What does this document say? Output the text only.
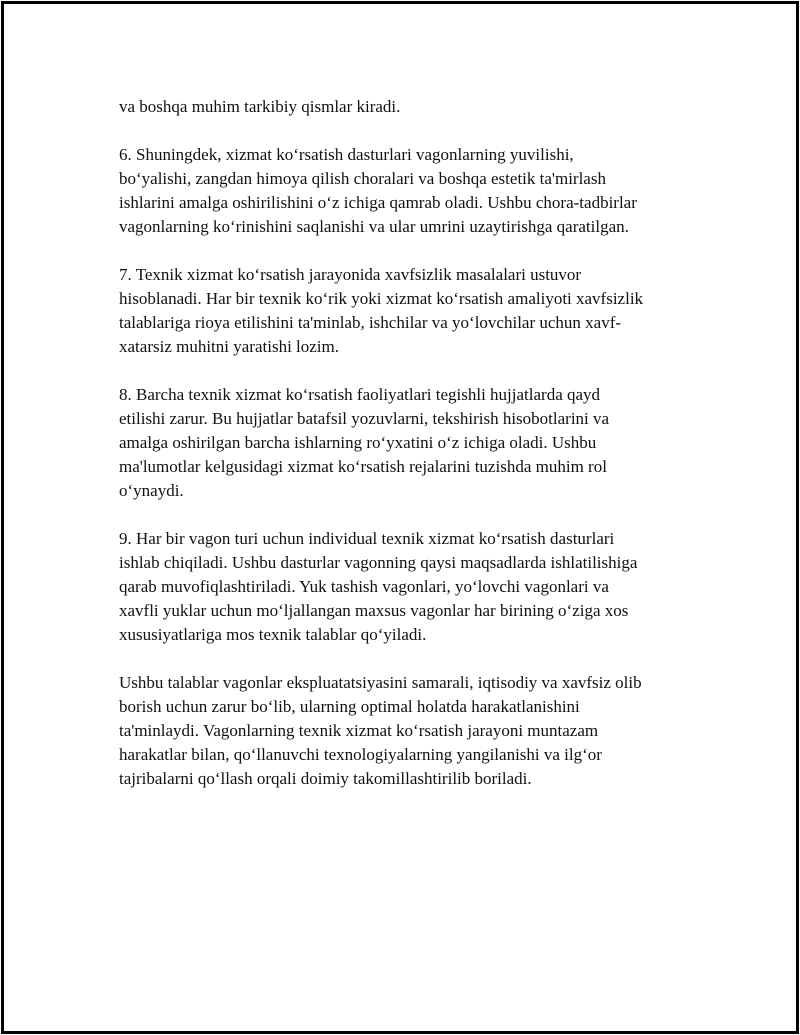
va boshqa muhim tarkibiy qismlar kiradi.

6. Shuningdek, xizmat koʻrsatish dasturlari vagonlarning yuvilishi,
boʻyalishi, zangdan himoya qilish choralari va boshqa estetik ta'mirlash
ishlarini amalga oshirilishini oʻz ichiga qamrab oladi. Ushbu chora-tadbirlar
vagonlarning koʻrinishini saqlanishi va ular umrini uzaytirishga qaratilgan.

7. Texnik xizmat koʻrsatish jarayonida xavfsizlik masalalari ustuvor
hisoblanadi. Har bir texnik koʻrik yoki xizmat koʻrsatish amaliyoti xavfsizlik
talablariga rioya etilishini ta'minlab, ishchilar va yoʻlovchilar uchun xavf-
xatarsiz muhitni yaratishi lozim.

8. Barcha texnik xizmat koʻrsatish faoliyatlari tegishli hujjatlarda qayd
etilishi zarur. Bu hujjatlar batafsil yozuvlarni, tekshirish hisobotlarini va
amalga oshirilgan barcha ishlarning roʻyxatini oʻz ichiga oladi. Ushbu
ma'lumotlar kelgusidagi xizmat koʻrsatish rejalarini tuzishda muhim rol
oʻynaydi.

9. Har bir vagon turi uchun individual texnik xizmat koʻrsatish dasturlari
ishlab chiqiladi. Ushbu dasturlar vagonning qaysi maqsadlarda ishlatilishiga
qarab muvofiqlashtiriladi. Yuk tashish vagonlari, yoʻlovchi vagonlari va
xavfli yuklar uchun moʻljallangan maxsus vagonlar har birining oʻziga xos
xususiyatlariga mos texnik talablar qoʻyiladi.

Ushbu talablar vagonlar ekspluatatsiyasini samarali, iqtisodiy va xavfsiz olib
borish uchun zarur boʻlib, ularning optimal holatda harakatlanishini
ta'minlaydi. Vagonlarning texnik xizmat koʻrsatish jarayoni muntazam
harakatlar bilan, qoʻllanuvchi texnologiyalarning yangilanishi va ilgʻor
tajribalarni qoʻllash orqali doimiy takomillashtirilib boriladi.
